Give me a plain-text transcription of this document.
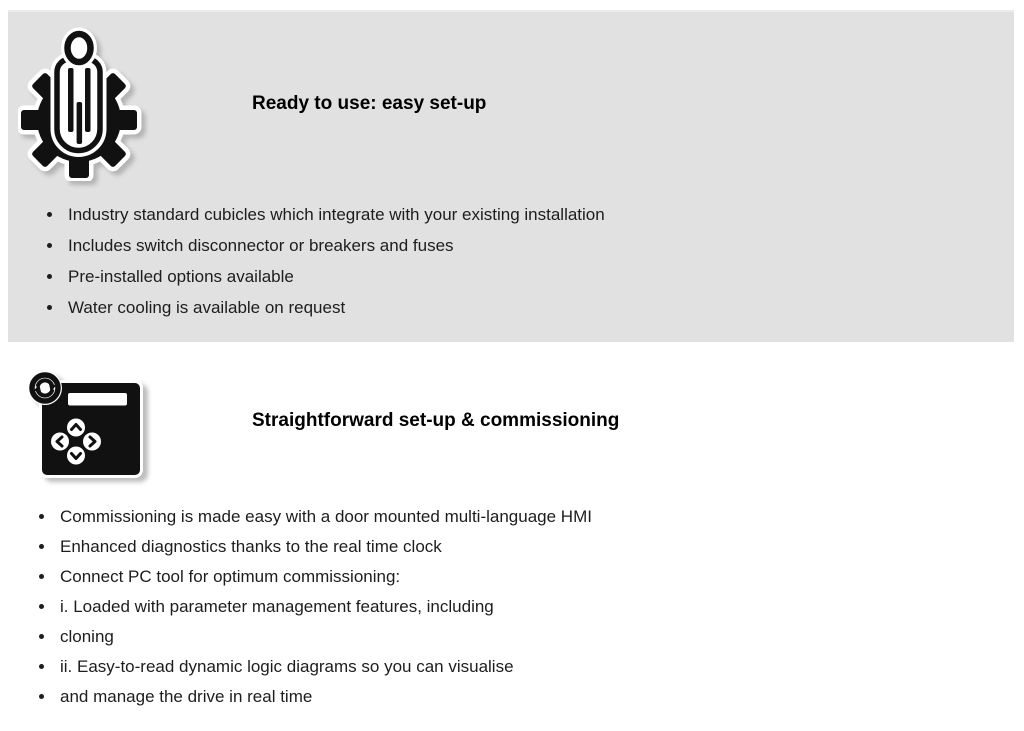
Ready to use: easy set-up
Industry standard cubicles which integrate with your existing installation
Includes switch disconnector or breakers and fuses
Pre-installed options available
Water cooling is available on request
Straightforward set-up & commissioning
Commissioning is made easy with a door mounted multi-language HMI
Enhanced diagnostics thanks to the real time clock
Connect PC tool for optimum commissioning:
i. Loaded with parameter management features, including
cloning
ii. Easy-to-read dynamic logic diagrams so you can visualise
and manage the drive in real time
